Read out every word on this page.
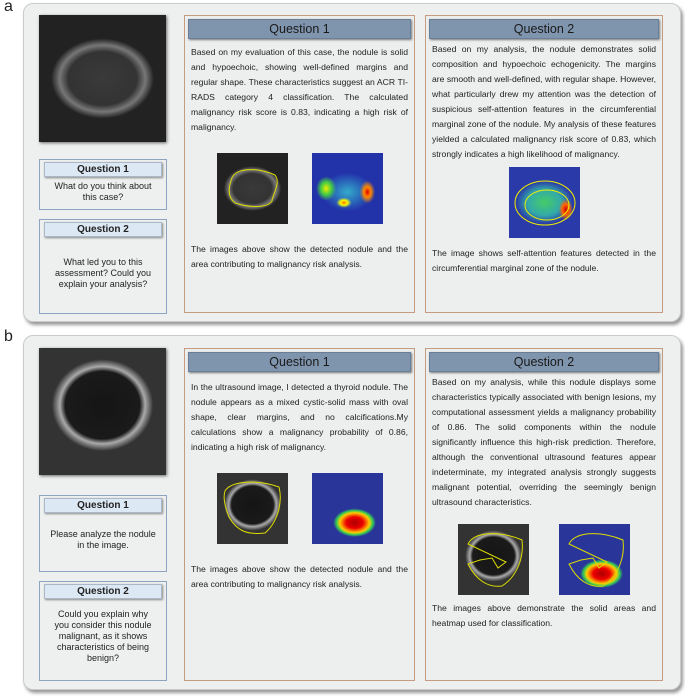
a
Question 1
What do you think about this case?
Question 2
What led you to this assessment? Could you explain your analysis?
Question 1

Based on my evaluation of this case, the nodule is solid and hypoechoic, showing well-defined margins and regular shape. These characteristics suggest an ACR TI-RADS category 4 classification. The calculated malignancy risk score is 0.83, indicating a high risk of malignancy.

The images above show the detected nodule and the area contributing to malignancy risk analysis.

Question 2

Based on my analysis, the nodule demonstrates solid composition and hypoechoic echogenicity. The margins are smooth and well-defined, with regular shape. However, what particularly drew my attention was the detection of suspicious self-attention features in the circumferential marginal zone of the nodule. My analysis of these features yielded a calculated malignancy risk score of 0.83, which strongly indicates a high likelihood of malignancy.

The image shows self-attention features detected in the circumferential marginal zone of the nodule.

b
Question 1
Please analyze the nodule in the image.
Question 2
Could you explain why you consider this nodule malignant, as it shows characteristics of being benign?
Question 1

In the ultrasound image, I detected a thyroid nodule. The nodule appears as a mixed cystic-solid mass with oval shape, clear margins, and no calcifications.My calculations show a malignancy probability of 0.86, indicating a high risk of malignancy.

The images above show the detected nodule and the area contributing to malignancy risk analysis.

Question 2

Based on my analysis, while this nodule displays some characteristics typically associated with benign lesions, my computational assessment yields a malignancy probability of 0.86. The solid components within the nodule significantly influence this high-risk prediction. Therefore, although the conventional ultrasound features appear indeterminate, my integrated analysis strongly suggests malignant potential, overriding the seemingly benign ultrasound characteristics.

The images above demonstrate the solid areas and heatmap used for classification.
